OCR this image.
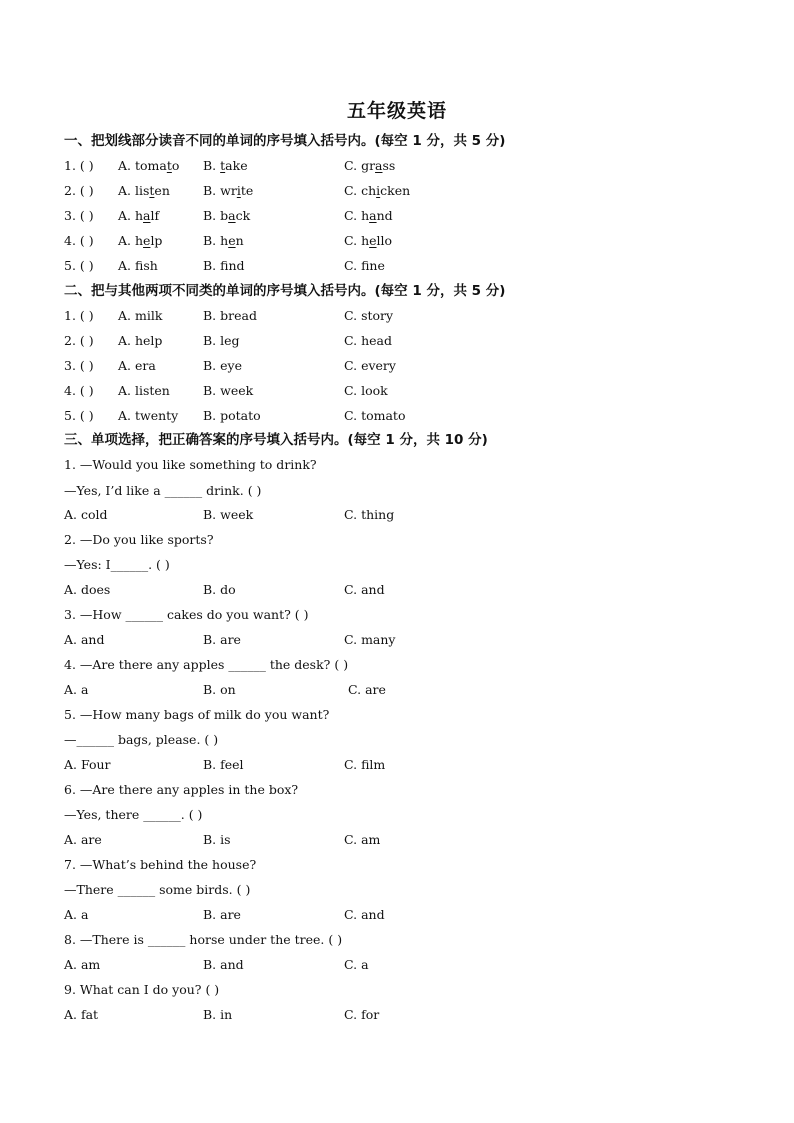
五年级英语
一、把划线部分读音不同的单词的序号填入括号内。(每空 1 分，共 5 分)
1. ( ) A. tomato B. take	C. grass
2. ( ) A. listen	B. write	C. chicken
3. ( ) A. half	B. back	C. hand
4. ( ) A. help	B. hen	C. hello
5. ( ) A. fsh	B. fnd	C. fne
二、把与其他两项不同类的单词的序号填入括号内。(每空 1 分，共 5 分)
1. ( ) A. milk	B. bread	C. story
2. ( ) A. help	B. leg	C. head
3. ( ) A. era	B. eye	C. every
4. ( ) A. listen	B. week	C. look
5. ( ) A. twenty B. potato	C. tomato
三、单项选择，把正确答案的序号填入括号内。(每空 1 分，共 10 分)
1. —Would you like something to drink?
—Yes, I’d like a ______ drink. ( )
A. cold	B. week	C. thing
2. —Do you like sports?
—Yes: I______. ( )
A. does	B. do	C. and
3. —How ______ cakes do you want? ( )
A. and	B. are	C. many
4. —Are there any apples ______ the desk? ( )
A. a	B. on	C. are
5. —How many bags of milk do you want?
—______ bags, please. ( )
A. Four	B. feel	C. film
6. —Are there any apples in the box?
—Yes, there ______. ( )
A. are	B. is	C. am
7. —What’s behind the house?
—There ______ some birds. ( )
A. a	B. are	C. and
8. —There is ______ horse under the tree. ( )
A. am	B. and	C. a
9. What can I do you? ( )
A. fat	B. in	C. for
